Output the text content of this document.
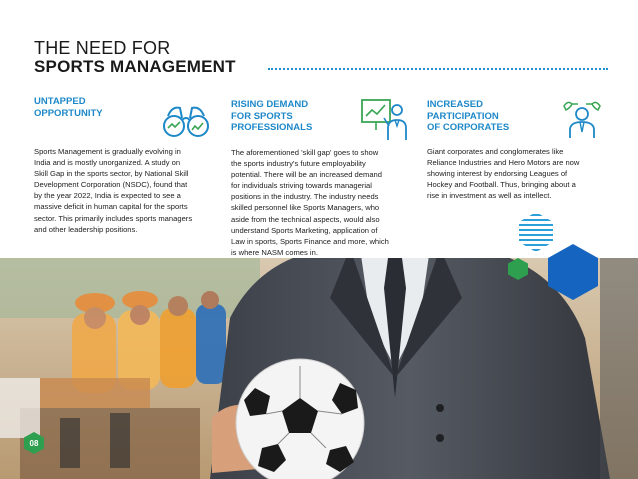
THE NEED FOR
SPORTS MANAGEMENT
UNTAPPED
OPPORTUNITY
Sports Management is gradually evolving in
India and is mostly unorganized. A study on
Skill Gap in the sports sector, by National Skill
Development Corporation (NSDC), found that
by the year 2022, India is expected to see a
massive deficit in human capital for the sports
sector. This primarily includes sports managers
and other leadership positions.
RISING DEMAND
FOR SPORTS
PROFESSIONALS
The aforementioned 'skill gap' goes to show
the sports industry's future employability
potential. There will be an increased demand
for individuals striving towards managerial
positions in the industry. The industry needs
skilled personnel like Sports Managers, who
aside from the technical aspects, would also
understand Sports Marketing, application of
Law in sports, Sports Finance and more, which
is where NASM comes in.
INCREASED
PARTICIPATION
OF CORPORATES
Giant corporates and conglomerates like
Reliance Industries and Hero Motors are now
showing interest by endorsing Leagues of
Hockey and Football. Thus, bringing about a
rise in investment as well as intellect.
08
